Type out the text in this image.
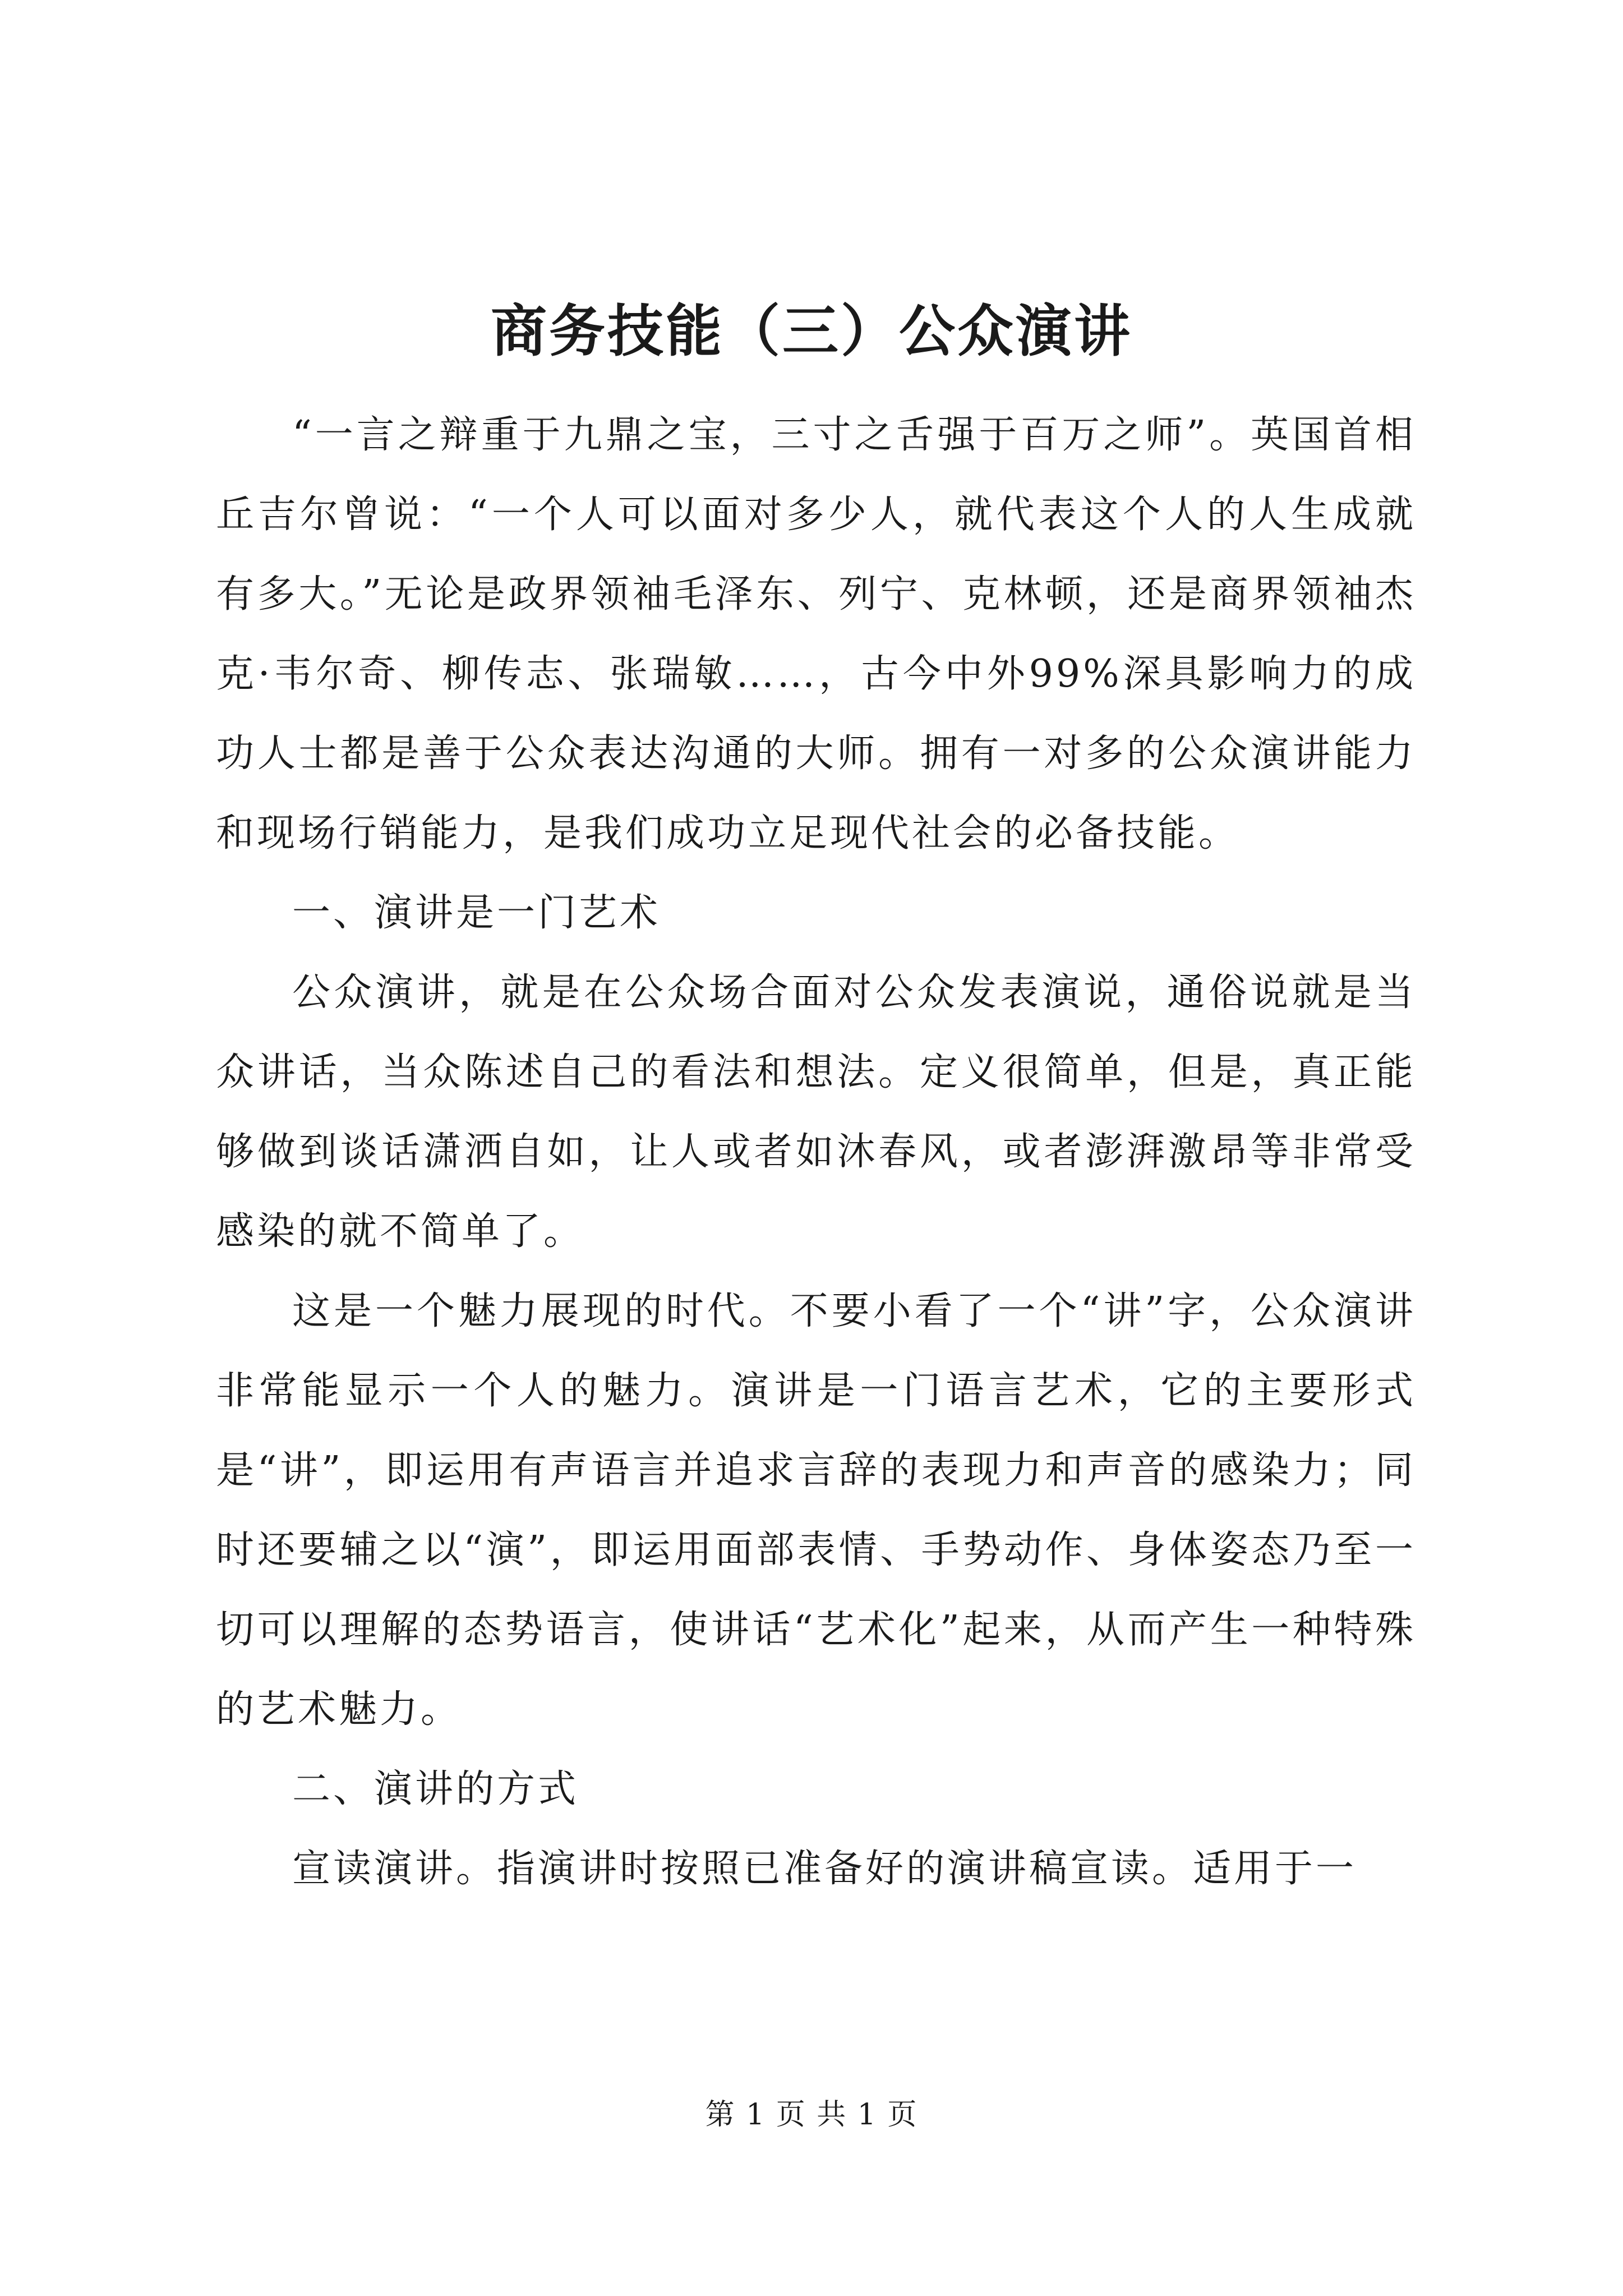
商务技能（三）公众演讲

“一言之辩重于九鼎之宝，三寸之舌强于百万之师”。英国首相丘吉尔曾说：“一个人可以面对多少人，就代表这个人的人生成就有多大。”无论是政界领袖毛泽东、列宁、克林顿，还是商界领袖杰克·韦尔奇、柳传志、张瑞敏……，古今中外99%深具影响力的成功人士都是善于公众表达沟通的大师。拥有一对多的公众演讲能力和现场行销能力，是我们成功立足现代社会的必备技能。

一、演讲是一门艺术

公众演讲，就是在公众场合面对公众发表演说，通俗说就是当众讲话，当众陈述自己的看法和想法。定义很简单，但是，真正能够做到谈话潇洒自如，让人或者如沐春风，或者澎湃激昂等非常受感染的就不简单了。

这是一个魅力展现的时代。不要小看了一个“讲”字，公众演讲非常能显示一个人的魅力。演讲是一门语言艺术，它的主要形式是“讲”，即运用有声语言并追求言辞的表现力和声音的感染力；同时还要辅之以“演”，即运用面部表情、手势动作、身体姿态乃至一切可以理解的态势语言，使讲话“艺术化”起来，从而产生一种特殊的艺术魅力。

二、演讲的方式

宣读演讲。指演讲时按照已准备好的演讲稿宣读。适用于一

第 1 页 共 1 页
